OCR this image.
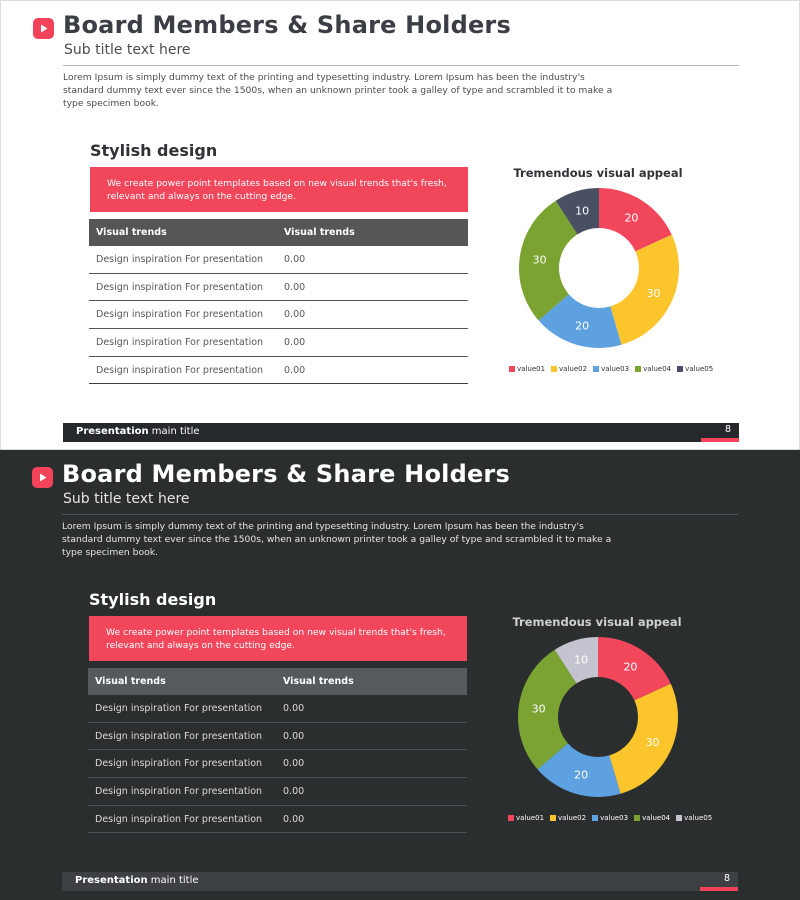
Board Members & Share Holders
Sub title text here
Lorem Ipsum is simply dummy text of the printing and typesetting industry. Lorem Ipsum has been the industry's standard dummy text ever since the 1500s, when an unknown printer took a galley of type and scrambled it to make a type specimen book.
Stylish design
We create power point templates based on new visual trends that's fresh, relevant and always on the cutting edge.
Visual trends	Visual trends
Design inspiration For presentation	0.00
Design inspiration For presentation	0.00
Design inspiration For presentation	0.00
Design inspiration For presentation	0.00
Design inspiration For presentation	0.00
Tremendous visual appeal
20
30
20
30
10
value01 value02 value03 value04 value05
Presentation main title	8
Board Members & Share Holders
Sub title text here
Lorem Ipsum is simply dummy text of the printing and typesetting industry. Lorem Ipsum has been the industry's standard dummy text ever since the 1500s, when an unknown printer took a galley of type and scrambled it to make a type specimen book.
Stylish design
We create power point templates based on new visual trends that's fresh, relevant and always on the cutting edge.
Visual trends	Visual trends
Design inspiration For presentation	0.00
Design inspiration For presentation	0.00
Design inspiration For presentation	0.00
Design inspiration For presentation	0.00
Design inspiration For presentation	0.00
Tremendous visual appeal
20
30
20
30
10
value01 value02 value03 value04 value05
Presentation main title	8
